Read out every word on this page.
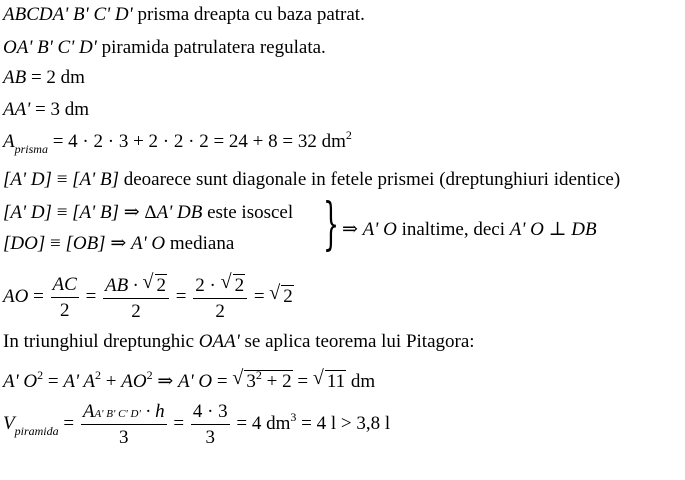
ABCDA' B' C' D' prisma dreapta cu baza patrat.
OA' B' C' D' piramida patrulatera regulata.
AB = 2 dm
AA' = 3 dm
$A_{prisma} = 4 \cdot 2 \cdot 3 + 2 \cdot 2 \cdot 2 = 24 + 8 = 32$ $dm^2$
[A' D] ≡ [A' B] deoarece sunt diagonale in fetele prismei (dreptunghiuri identice)
[A' D] ≡ [A' B] ⇒ ΔA' DB este isoscel
[DO] ≡ [OB] ⇒ A' O mediana } ⇒ A' O inaltime, deci A' O ⊥ DB
AO = $\frac{AC}{2} = \frac{AB \cdot √ 2}{2} = \frac{2 \cdot √ 2}{2}$ = √ 2
In triunghiul dreptunghic OAA' se aplica teorema lui Pitagora:
A' $O^2 = A'$ $A^2 + AO^2$ ⇒ A' O = √ $3^2 + 2$ = √ 11 dm
$V_{piramida} = \frac{AA' B' C' D' \cdot h}{3} = \frac{4 \cdot 3}{3} = 4$ $dm^3 = 4$ l > 3,8 l
